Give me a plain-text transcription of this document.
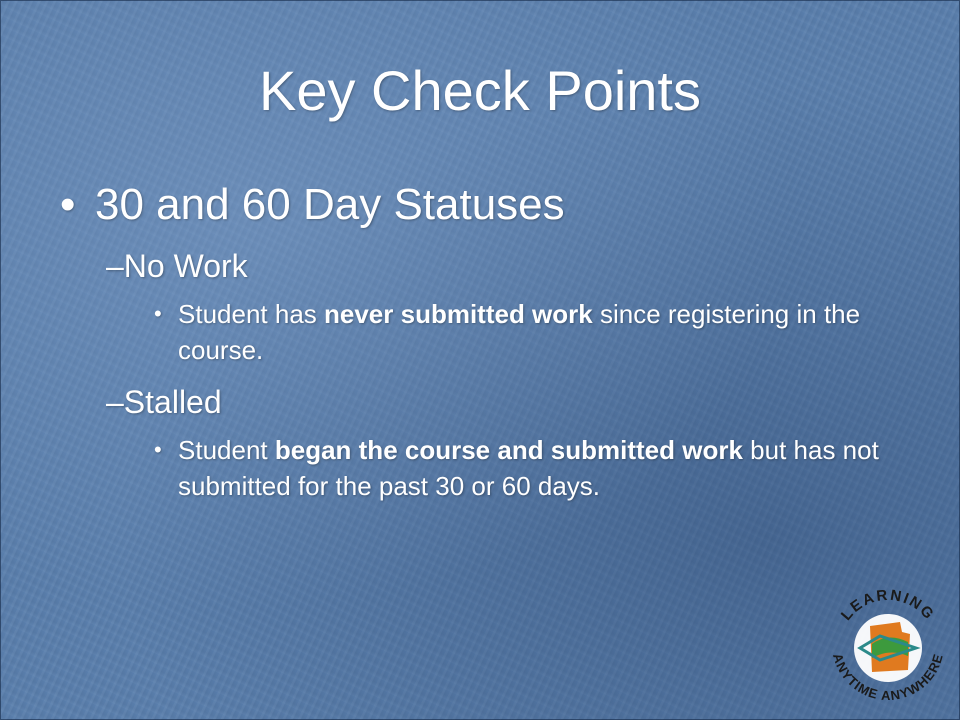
Key Check Points
• 30 and 60 Day Statuses
–No Work
• Student has never submitted work since registering in the course.
–Stalled
• Student began the course and submitted work but has not submitted for the past 30 or 60 days.
LEARNING
ANYTIME ANYWHERE
